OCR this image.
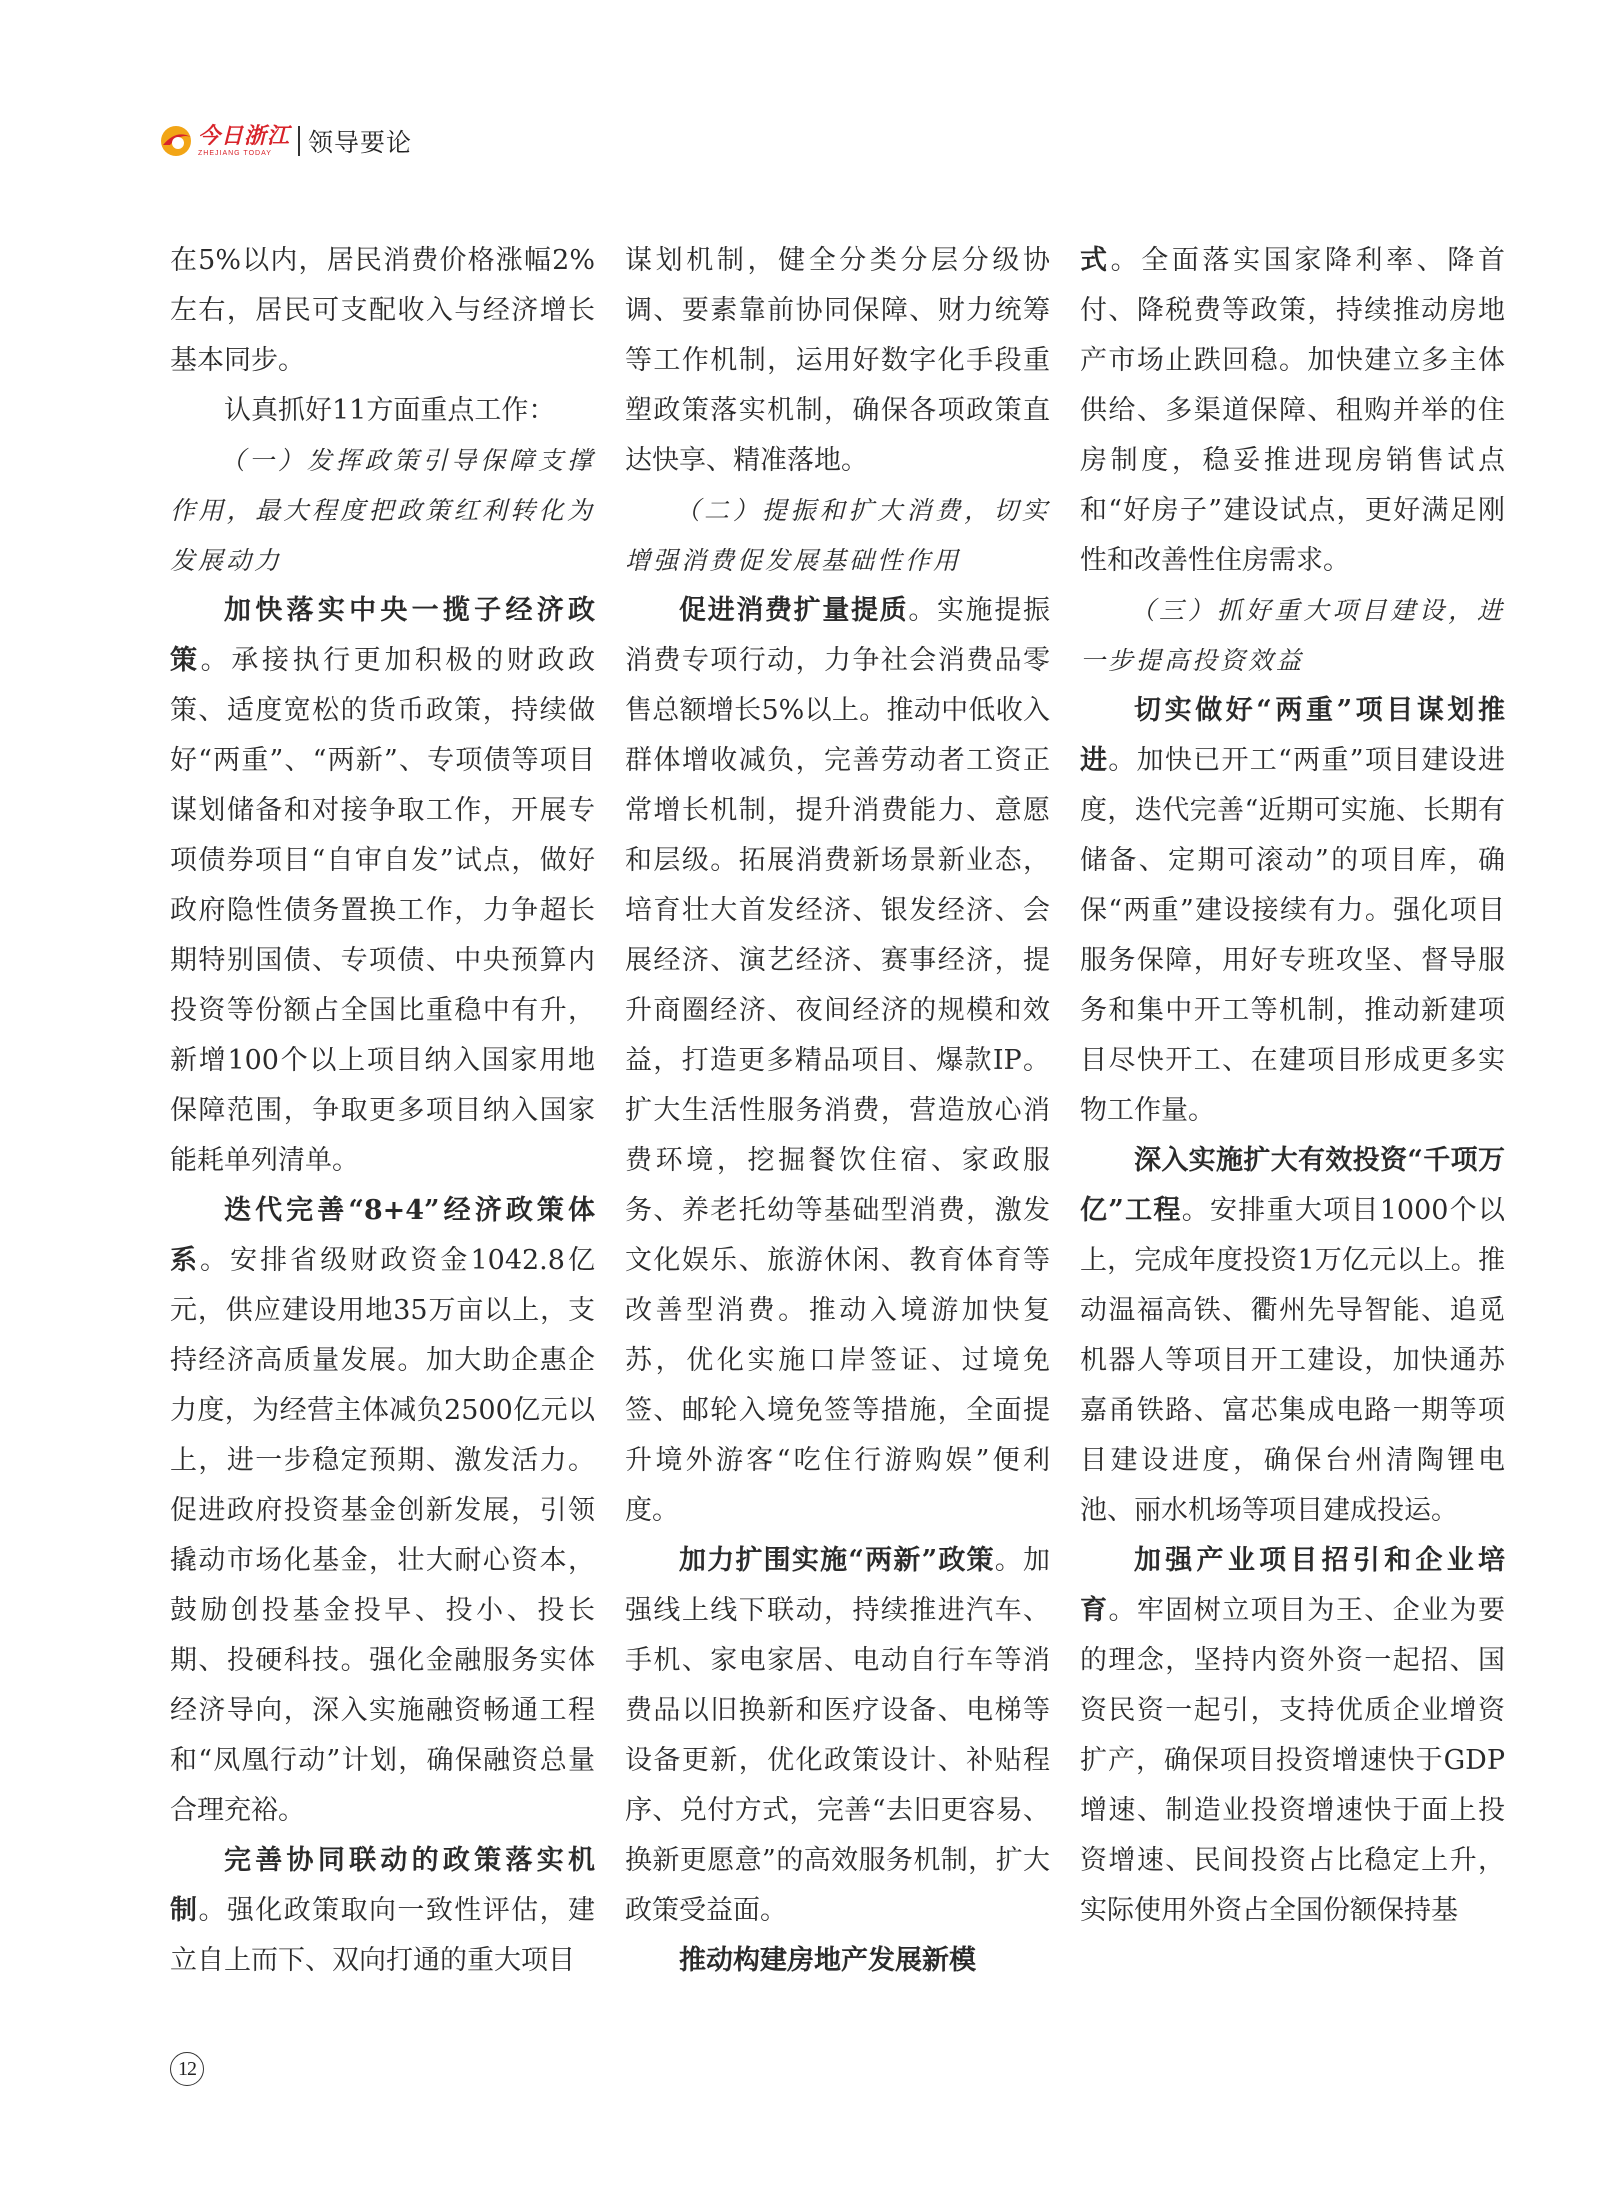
今日浙江
ZHEJIANG TODAY	领导要论

在5%以内，居民消费价格涨幅2%左右，居民可支配收入与经济增长基本同步。

认真抓好11方面重点工作：

（一）发挥政策引导保障支撑作用，最大程度把政策红利转化为发展动力

加快落实中央一揽子经济政策。承接执行更加积极的财政政策、适度宽松的货币政策，持续做好“两重”、“两新”、专项债等项目谋划储备和对接争取工作，开展专项债券项目“自审自发”试点，做好政府隐性债务置换工作，力争超长期特别国债、专项债、中央预算内投资等份额占全国比重稳中有升，新增100个以上项目纳入国家用地保障范围，争取更多项目纳入国家能耗单列清单。

迭代完善“8+4”经济政策体系。安排省级财政资金1042.8亿元，供应建设用地35万亩以上，支持经济高质量发展。加大助企惠企力度，为经营主体减负2500亿元以上，进一步稳定预期、激发活力。促进政府投资基金创新发展，引领撬动市场化基金，壮大耐心资本，鼓励创投基金投早、投小、投长期、投硬科技。强化金融服务实体经济导向，深入实施融资畅通工程和“凤凰行动”计划，确保融资总量合理充裕。

完善协同联动的政策落实机制。强化政策取向一致性评估，建立自上而下、双向打通的重大项目

谋划机制，健全分类分层分级协调、要素靠前协同保障、财力统筹等工作机制，运用好数字化手段重塑政策落实机制，确保各项政策直达快享、精准落地。

（二）提振和扩大消费，切实增强消费促发展基础性作用

促进消费扩量提质。实施提振消费专项行动，力争社会消费品零售总额增长5%以上。推动中低收入群体增收减负，完善劳动者工资正常增长机制，提升消费能力、意愿和层级。拓展消费新场景新业态，培育壮大首发经济、银发经济、会展经济、演艺经济、赛事经济，提升商圈经济、夜间经济的规模和效益，打造更多精品项目、爆款IP。扩大生活性服务消费，营造放心消费环境，挖掘餐饮住宿、家政服务、养老托幼等基础型消费，激发文化娱乐、旅游休闲、教育体育等改善型消费。推动入境游加快复苏，优化实施口岸签证、过境免签、邮轮入境免签等措施，全面提升境外游客“吃住行游购娱”便利度。

加力扩围实施“两新”政策。加强线上线下联动，持续推进汽车、手机、家电家居、电动自行车等消费品以旧换新和医疗设备、电梯等设备更新，优化政策设计、补贴程序、兑付方式，完善“去旧更容易、换新更愿意”的高效服务机制，扩大政策受益面。

推动构建房地产发展新模

式。全面落实国家降利率、降首付、降税费等政策，持续推动房地产市场止跌回稳。加快建立多主体供给、多渠道保障、租购并举的住房制度，稳妥推进现房销售试点和“好房子”建设试点，更好满足刚性和改善性住房需求。

（三）抓好重大项目建设，进一步提高投资效益

切实做好“两重”项目谋划推进。加快已开工“两重”项目建设进度，迭代完善“近期可实施、长期有储备、定期可滚动”的项目库，确保“两重”建设接续有力。强化项目服务保障，用好专班攻坚、督导服务和集中开工等机制，推动新建项目尽快开工、在建项目形成更多实物工作量。

深入实施扩大有效投资“千项万亿”工程。安排重大项目1000个以上，完成年度投资1万亿元以上。推动温福高铁、衢州先导智能、追觅机器人等项目开工建设，加快通苏嘉甬铁路、富芯集成电路一期等项目建设进度，确保台州清陶锂电池、丽水机场等项目建成投运。

加强产业项目招引和企业培育。牢固树立项目为王、企业为要的理念，坚持内资外资一起招、国资民资一起引，支持优质企业增资扩产，确保项目投资增速快于GDP增速、制造业投资增速快于面上投资增速、民间投资占比稳定上升，实际使用外资占全国份额保持基

12
